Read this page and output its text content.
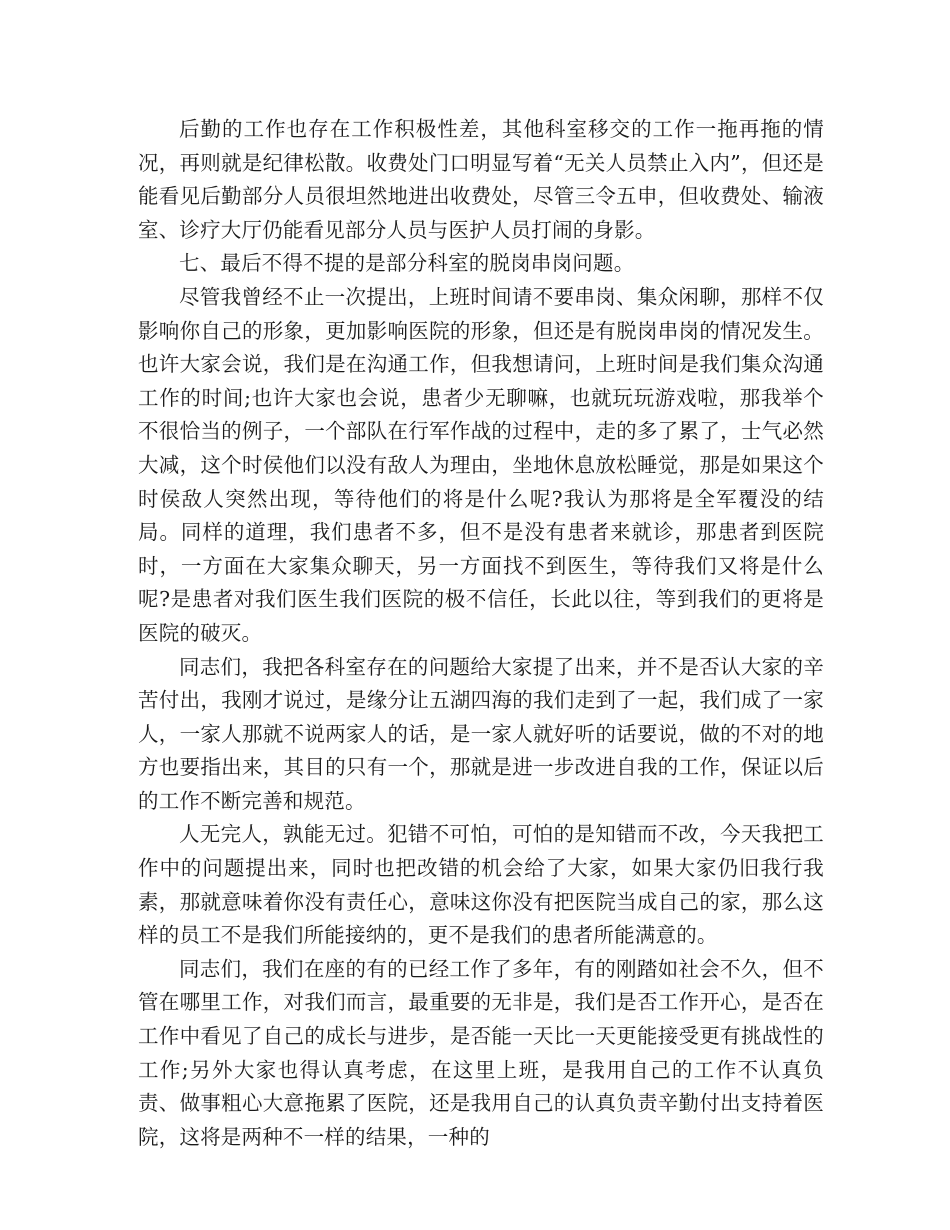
后勤的工作也存在工作积极性差，其他科室移交的工作一拖再拖的情况，再则就是纪律松散。收费处门口明显写着“无关人员禁止入内”，但还是能看见后勤部分人员很坦然地进出收费处，尽管三令五申，但收费处、输液室、诊疗大厅仍能看见部分人员与医护人员打闹的身影。

七、最后不得不提的是部分科室的脱岗串岗问题。

尽管我曾经不止一次提出，上班时间请不要串岗、集众闲聊，那样不仅影响你自己的形象，更加影响医院的形象，但还是有脱岗串岗的情况发生。也许大家会说，我们是在沟通工作，但我想请问，上班时间是我们集众沟通工作的时间;也许大家也会说，患者少无聊嘛，也就玩玩游戏啦，那我举个不很恰当的例子，一个部队在行军作战的过程中，走的多了累了，士气必然大减，这个时侯他们以没有敌人为理由，坐地休息放松睡觉，那是如果这个时侯敌人突然出现，等待他们的将是什么呢?我认为那将是全军覆没的结局。同样的道理，我们患者不多，但不是没有患者来就诊，那患者到医院时，一方面在大家集众聊天，另一方面找不到医生，等待我们又将是什么呢?是患者对我们医生我们医院的极不信任，长此以往，等到我们的更将是医院的破灭。

同志们，我把各科室存在的问题给大家提了出来，并不是否认大家的辛苦付出，我刚才说过，是缘分让五湖四海的我们走到了一起，我们成了一家人，一家人那就不说两家人的话，是一家人就好听的话要说，做的不对的地方也要指出来，其目的只有一个，那就是进一步改进自我的工作，保证以后的工作不断完善和规范。

人无完人，孰能无过。犯错不可怕，可怕的是知错而不改，今天我把工作中的问题提出来，同时也把改错的机会给了大家，如果大家仍旧我行我素，那就意味着你没有责任心，意味这你没有把医院当成自己的家，那么这样的员工不是我们所能接纳的，更不是我们的患者所能满意的。

同志们，我们在座的有的已经工作了多年，有的刚踏如社会不久，但不管在哪里工作，对我们而言，最重要的无非是，我们是否工作开心，是否在工作中看见了自己的成长与进步，是否能一天比一天更能接受更有挑战性的工作;另外大家也得认真考虑，在这里上班，是我用自己的工作不认真负责、做事粗心大意拖累了医院，还是我用自己的认真负责辛勤付出支持着医院，这将是两种不一样的结果，一种的
